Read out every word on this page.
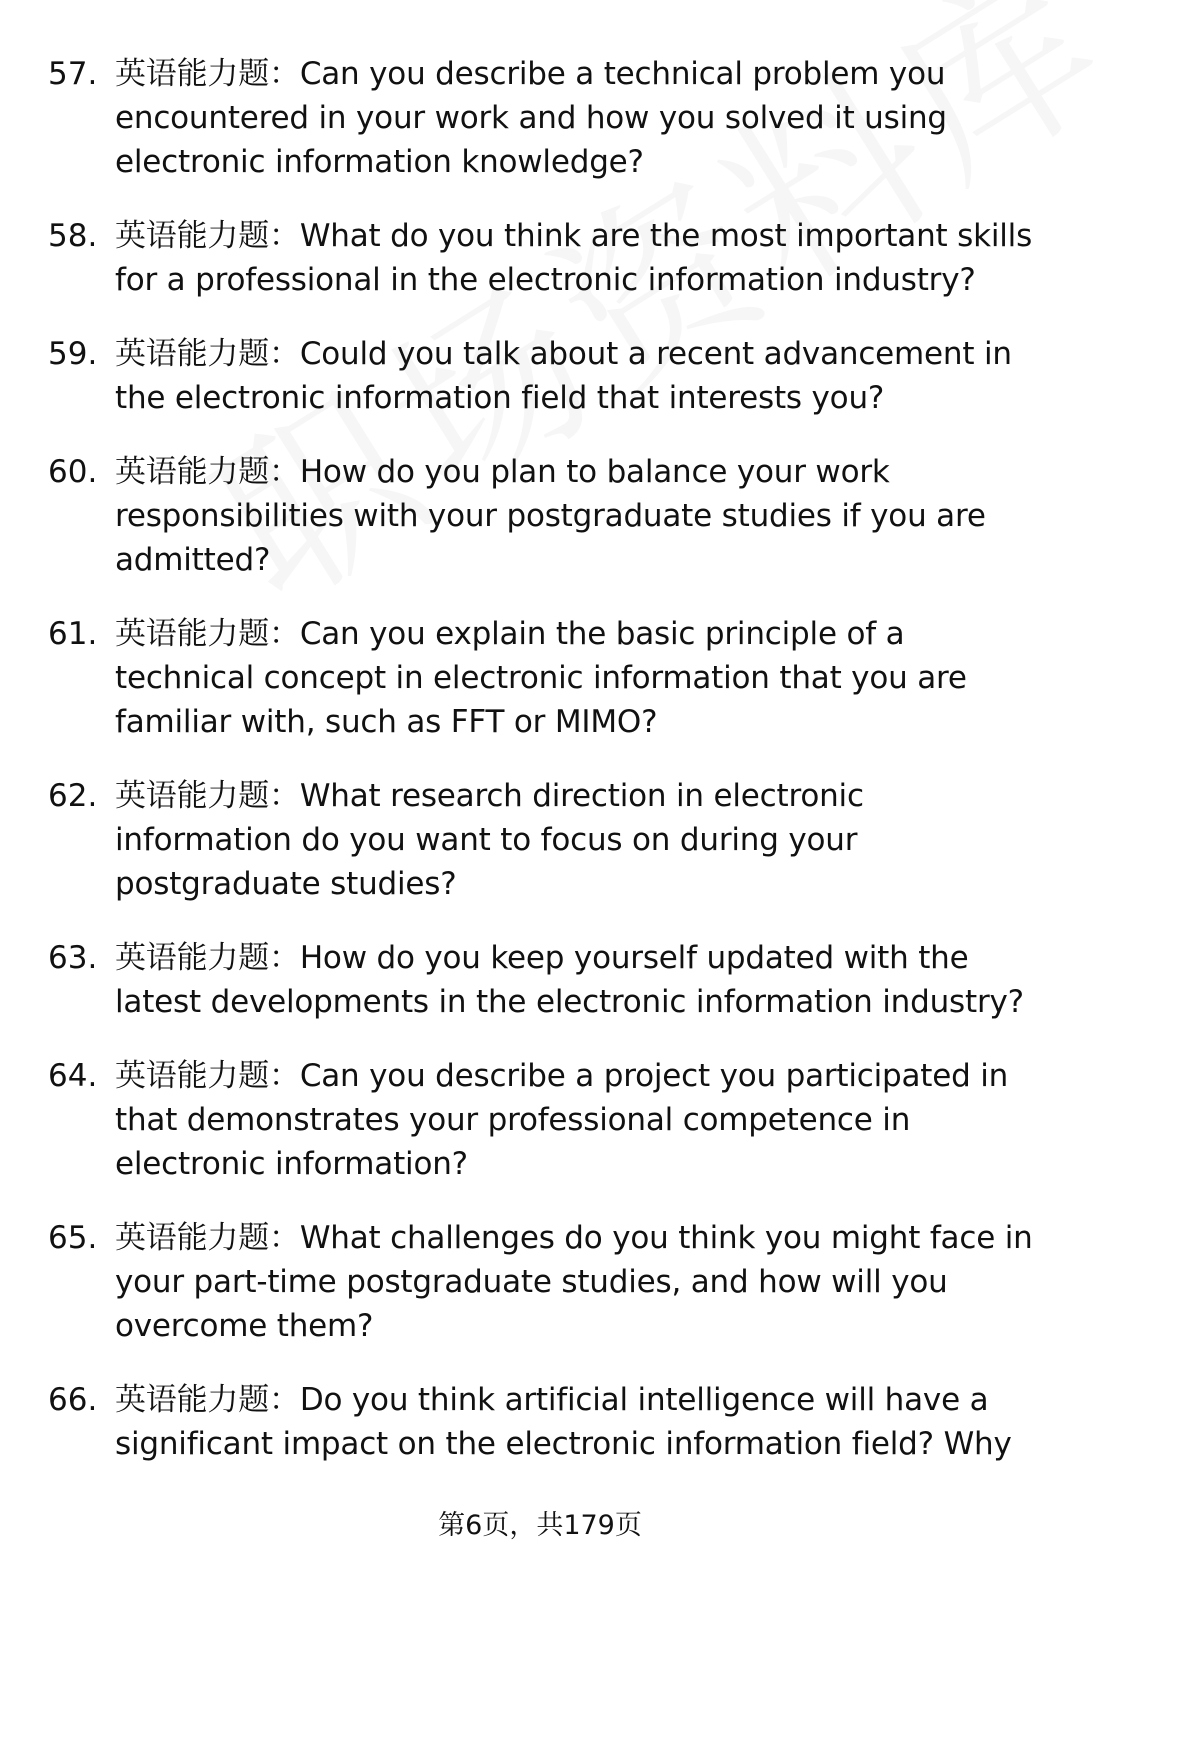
57. 英语能力题：Can you describe a technical problem you encountered in your work and how you solved it using electronic information knowledge?
58. 英语能力题：What do you think are the most important skills for a professional in the electronic information industry?
59. 英语能力题：Could you talk about a recent advancement in the electronic information field that interests you?
60. 英语能力题：How do you plan to balance your work responsibilities with your postgraduate studies if you are admitted?
61. 英语能力题：Can you explain the basic principle of a technical concept in electronic information that you are familiar with, such as FFT or MIMO?
62. 英语能力题：What research direction in electronic information do you want to focus on during your postgraduate studies?
63. 英语能力题：How do you keep yourself updated with the latest developments in the electronic information industry?
64. 英语能力题：Can you describe a project you participated in that demonstrates your professional competence in electronic information?
65. 英语能力题：What challenges do you think you might face in your part-time postgraduate studies, and how will you overcome them?
66. 英语能力题：Do you think artificial intelligence will have a significant impact on the electronic information field? Why
第6页，共179页
